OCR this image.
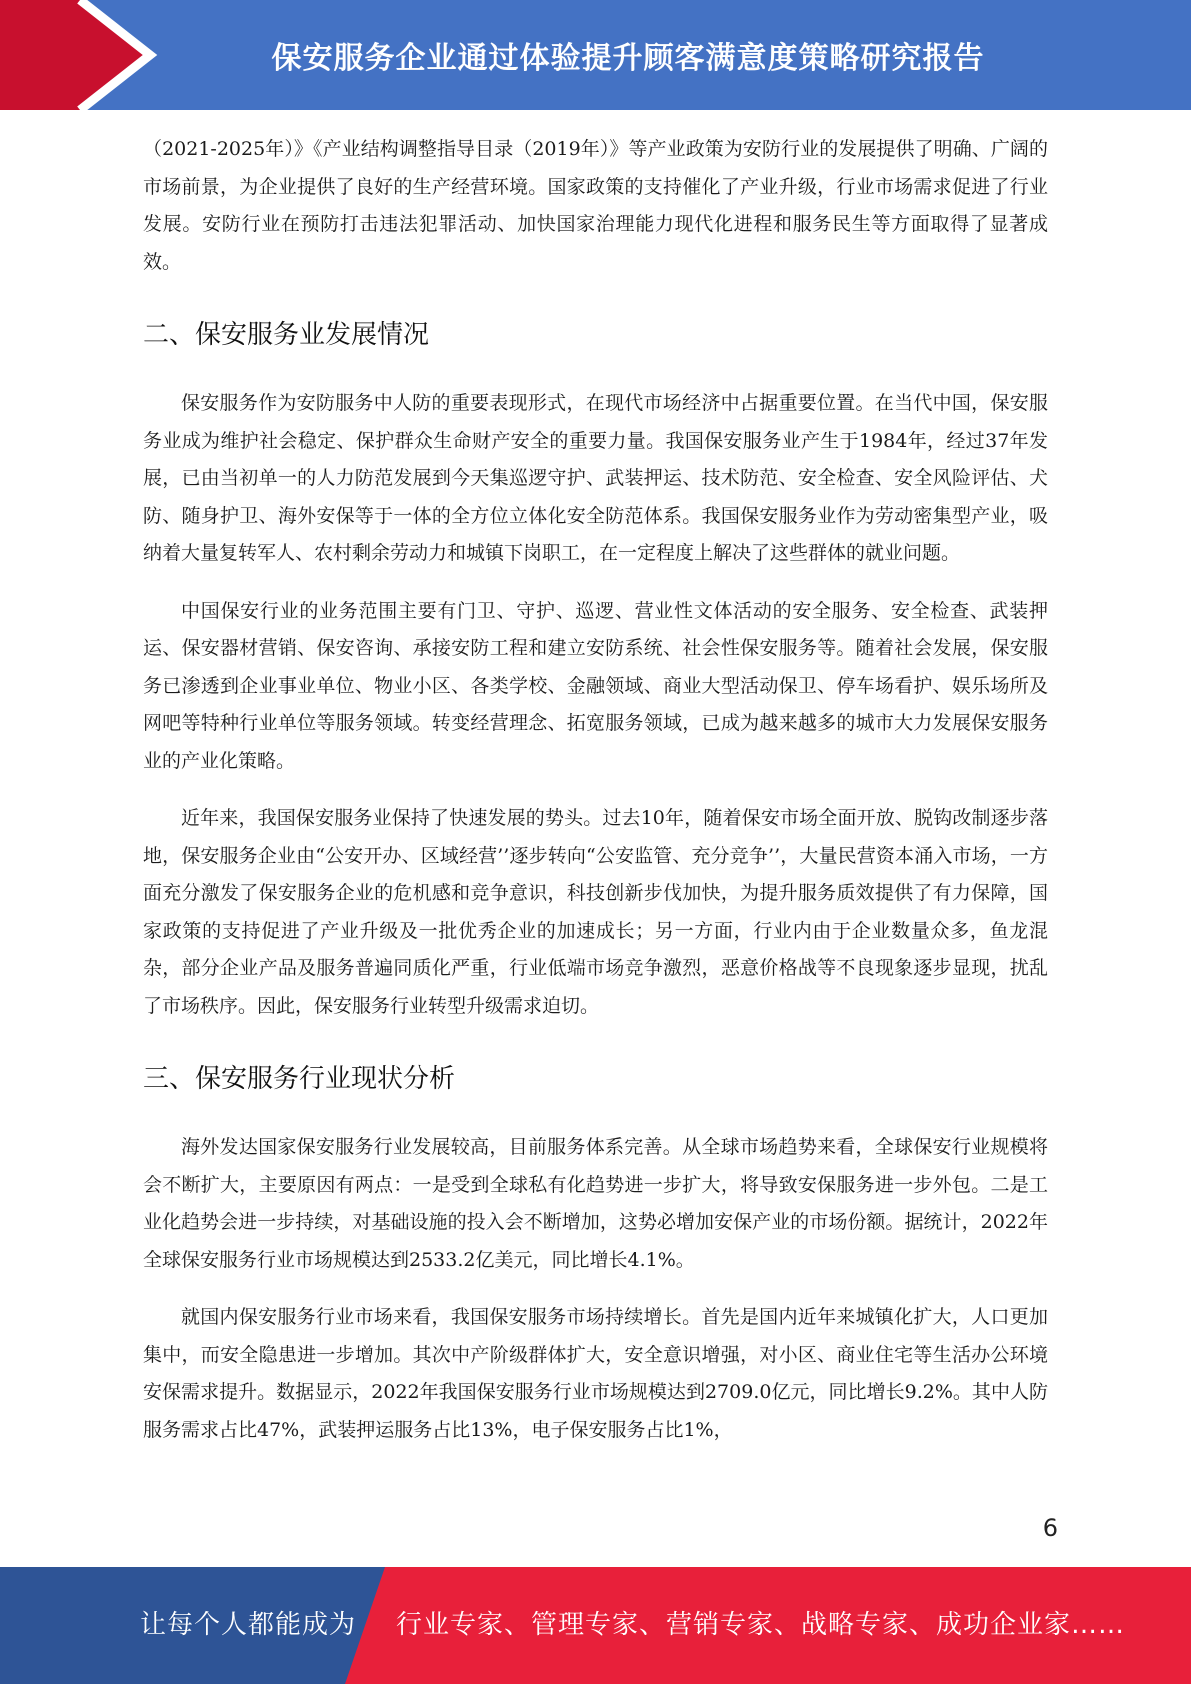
保安服务企业通过体验提升顾客满意度策略研究报告

（2021-2025年）》《产业结构调整指导目录（2019年）》等产业政策为安防行业的发展提供了明确、广阔的市场前景，为企业提供了良好的生产经营环境。国家政策的支持催化了产业升级，行业市场需求促进了行业发展。安防行业在预防打击违法犯罪活动、加快国家治理能力现代化进程和服务民生等方面取得了显著成效。

二、保安服务业发展情况

保安服务作为安防服务中人防的重要表现形式，在现代市场经济中占据重要位置。在当代中国，保安服务业成为维护社会稳定、保护群众生命财产安全的重要力量。我国保安服务业产生于1984年，经过37年发展，已由当初单一的人力防范发展到今天集巡逻守护、武装押运、技术防范、安全检查、安全风险评估、犬防、随身护卫、海外安保等于一体的全方位立体化安全防范体系。我国保安服务业作为劳动密集型产业，吸纳着大量复转军人、农村剩余劳动力和城镇下岗职工，在一定程度上解决了这些群体的就业问题。

中国保安行业的业务范围主要有门卫、守护、巡逻、营业性文体活动的安全服务、安全检查、武装押运、保安器材营销、保安咨询、承接安防工程和建立安防系统、社会性保安服务等。随着社会发展，保安服务已渗透到企业事业单位、物业小区、各类学校、金融领域、商业大型活动保卫、停车场看护、娱乐场所及网吧等特种行业单位等服务领域。转变经营理念、拓宽服务领域，已成为越来越多的城市大力发展保安服务业的产业化策略。

近年来，我国保安服务业保持了快速发展的势头。过去10年，随着保安市场全面开放、脱钩改制逐步落地，保安服务企业由“公安开办、区域经营’’逐步转向“公安监管、充分竞争’’，大量民营资本涌入市场，一方面充分激发了保安服务企业的危机感和竞争意识，科技创新步伐加快，为提升服务质效提供了有力保障，国家政策的支持促进了产业升级及一批优秀企业的加速成长；另一方面，行业内由于企业数量众多，鱼龙混杂，部分企业产品及服务普遍同质化严重，行业低端市场竞争激烈，恶意价格战等不良现象逐步显现，扰乱了市场秩序。因此，保安服务行业转型升级需求迫切。

三、保安服务行业现状分析

海外发达国家保安服务行业发展较高，目前服务体系完善。从全球市场趋势来看，全球保安行业规模将会不断扩大，主要原因有两点：一是受到全球私有化趋势进一步扩大，将导致安保服务进一步外包。二是工业化趋势会进一步持续，对基础设施的投入会不断增加，这势必增加安保产业的市场份额。据统计，2022年全球保安服务行业市场规模达到2533.2亿美元，同比增长4.1%。

就国内保安服务行业市场来看，我国保安服务市场持续增长。首先是国内近年来城镇化扩大，人口更加集中，而安全隐患进一步增加。其次中产阶级群体扩大，安全意识增强，对小区、商业住宅等生活办公环境安保需求提升。数据显示，2022年我国保安服务行业市场规模达到2709.0亿元，同比增长9.2%。其中人防服务需求占比47%，武装押运服务占比13%，电子保安服务占比1%，

6
让每个人都能成为 行业专家、管理专家、营销专家、战略专家、成功企业家……
